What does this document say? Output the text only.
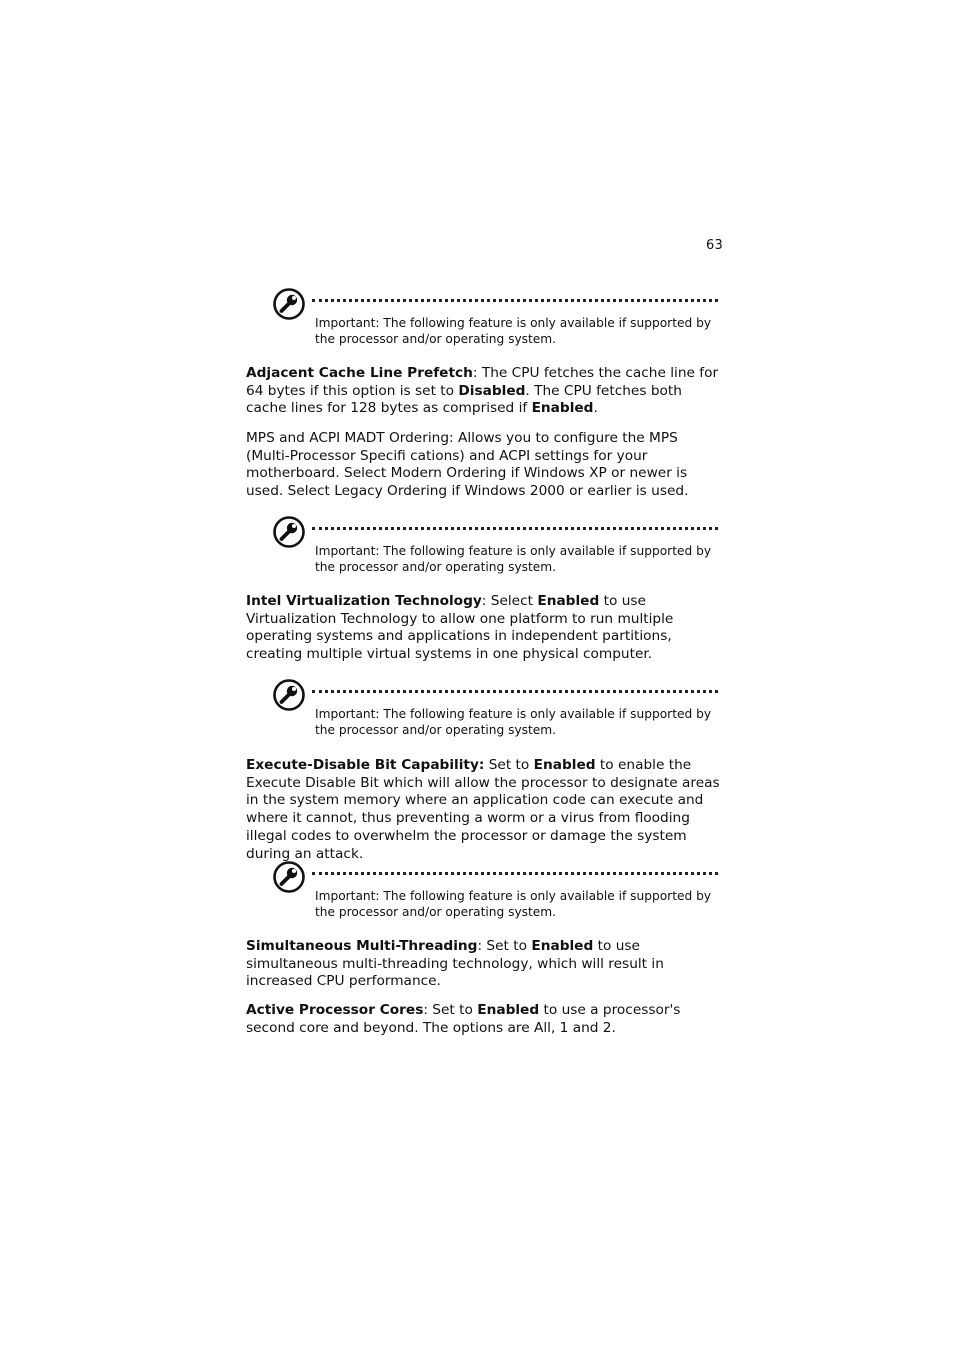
63
Important: The following feature is only available if supported by the processor and/or operating system.
Adjacent Cache Line Prefetch: The CPU fetches the cache line for 64 bytes if this option is set to Disabled. The CPU fetches both cache lines for 128 bytes as comprised if Enabled.
MPS and ACPI MADT Ordering: Allows you to configure the MPS (Multi-Processor Specifi cations) and ACPI settings for your motherboard. Select Modern Ordering if Windows XP or newer is used. Select Legacy Ordering if Windows 2000 or earlier is used.
Important: The following feature is only available if supported by the processor and/or operating system.
Intel Virtualization Technology: Select Enabled to use Virtualization Technology to allow one platform to run multiple operating systems and applications in independent partitions, creating multiple virtual systems in one physical computer.
Important: The following feature is only available if supported by the processor and/or operating system.
Execute-Disable Bit Capability: Set to Enabled to enable the Execute Disable Bit which will allow the processor to designate areas in the system memory where an application code can execute and where it cannot, thus preventing a worm or a virus from flooding illegal codes to overwhelm the processor or damage the system during an attack.
Important: The following feature is only available if supported by the processor and/or operating system.
Simultaneous Multi-Threading: Set to Enabled to use simultaneous multi-threading technology, which will result in increased CPU performance.
Active Processor Cores: Set to Enabled to use a processor's second core and beyond. The options are All, 1 and 2.
